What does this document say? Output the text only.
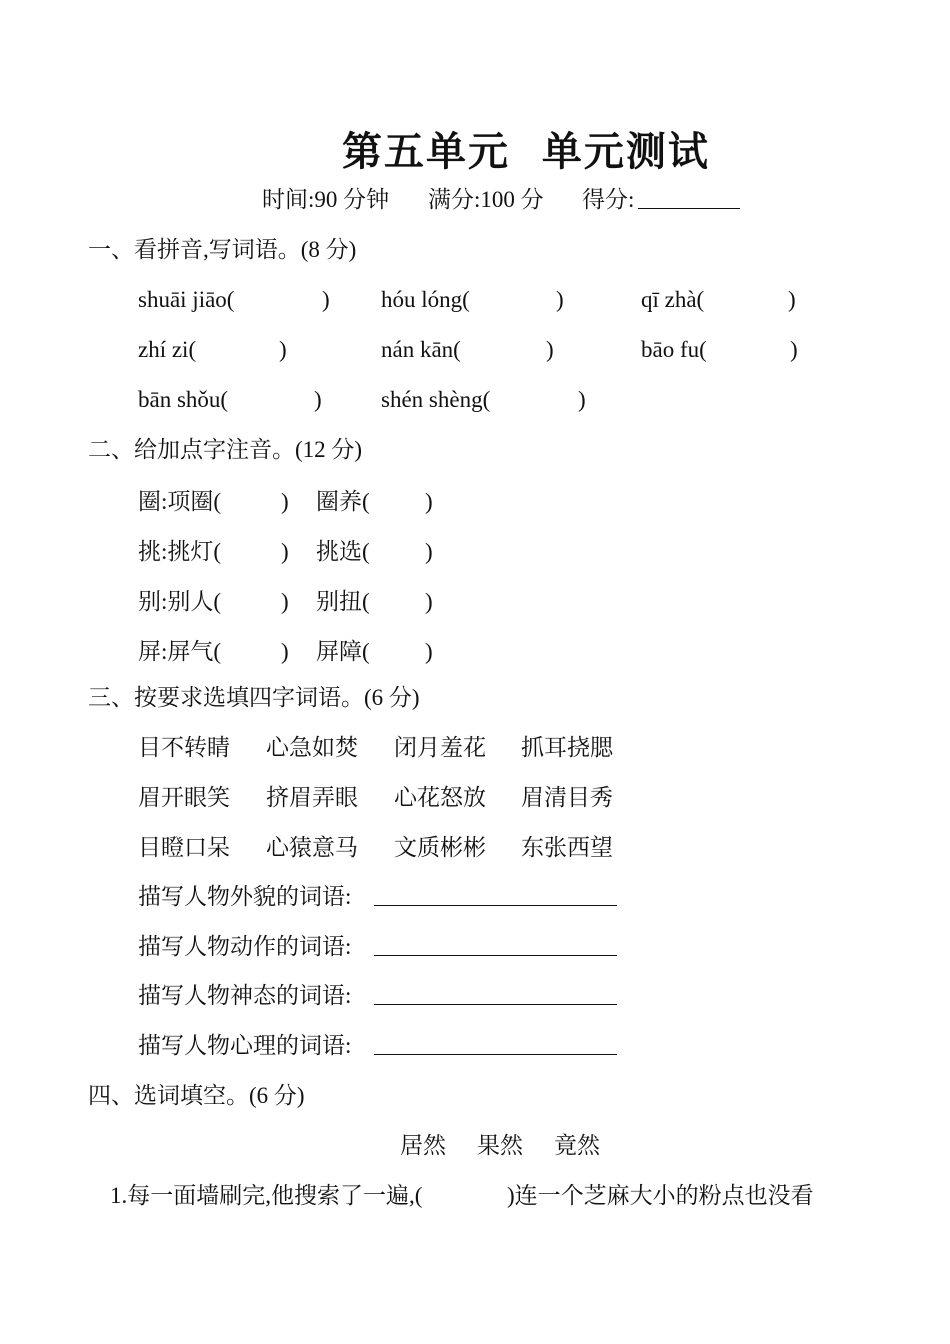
第五单元  单元测试
时间:90 分钟 满分:100 分 得分:
一、看拼音,写词语。(8 分)
shuāi jiāo(	) hóu lóng(	)	qī zhà(	)
zhí zi(	)	nán kān(	)	bāo fu(	)
bān shǒu(	)	shén shèng(	)
二、给加点字注音。(12 分)
圈:项圈(	) 圈养( )
挑:挑灯(	) 挑选( )
别:别人(	) 别扭( )
屏:屏气(	) 屏障( )
三、按要求选填四字词语。(6 分)
目不转睛 心急如焚 闭月羞花 抓耳挠腮
眉开眼笑 挤眉弄眼 心花怒放 眉清目秀
目瞪口呆 心猿意马 文质彬彬 东张西望
描写人物外貌的词语:
描写人物动作的词语:
描写人物神态的词语:
描写人物心理的词语:
四、选词填空。(6 分)
居然 果然 竟然
1.每一面墙刷完,他搜索了一遍,(	)连一个芝麻大小的粉点也没看
